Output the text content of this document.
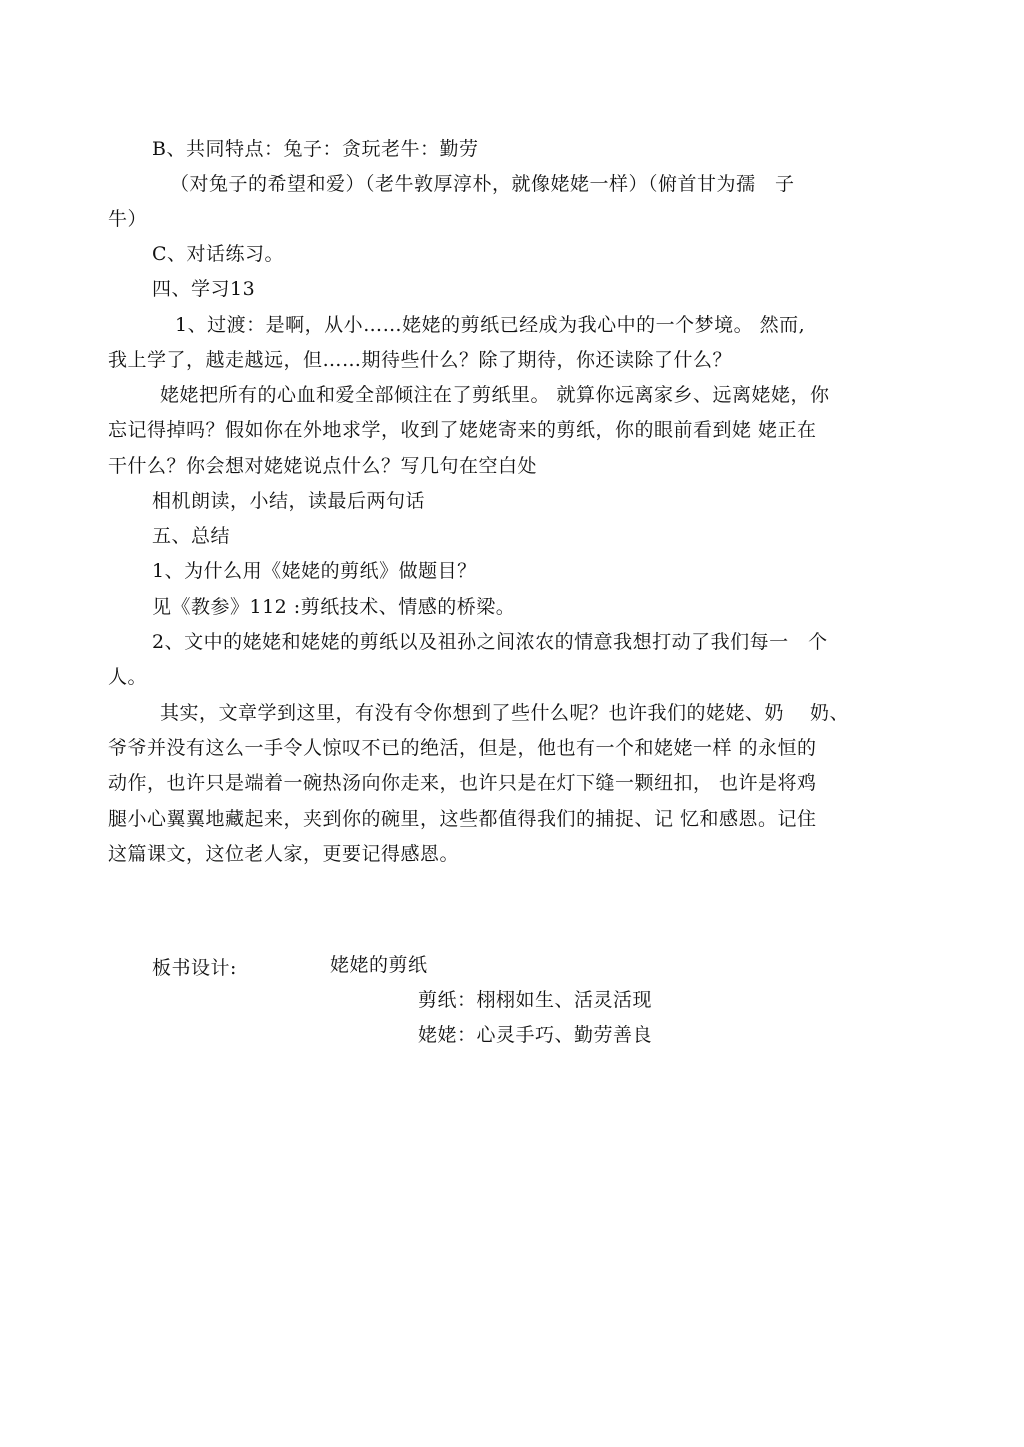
B、共同特点：兔子：贪玩老牛：勤劳
（对兔子的希望和爱）（老牛敦厚淳朴，就像姥姥一样）（俯首甘为孺　子
牛）
C、对话练习。
四、学习13
1、过渡：是啊，从小……姥姥的剪纸已经成为我心中的一个梦境。 然而,
我上学了，越走越远，但……期待些什么？除了期待，你还读除了什么？
姥姥把所有的心血和爱全部倾注在了剪纸里。 就算你远离家乡、远离姥姥，你
忘记得掉吗？假如你在外地求学，收到了姥姥寄来的剪纸，你的眼前看到姥 姥正在
干什么？你会想对姥姥说点什么？写几句在空白处
相机朗读，小结，读最后两句话
五、总结
1、为什么用《姥姥的剪纸》做题目？
见《教参》112 :剪纸技术、情感的桥梁。
2、文中的姥姥和姥姥的剪纸以及祖孙之间浓农的情意我想打动了我们每一　个
人。
其实，文章学到这里，有没有令你想到了些什么呢？也许我们的姥姥、奶　 奶、
爷爷并没有这么一手令人惊叹不已的绝活，但是，他也有一个和姥姥一样 的永恒的
动作，也许只是端着一碗热汤向你走来，也许只是在灯下缝一颗纽扣， 也许是将鸡
腿小心翼翼地藏起来，夹到你的碗里，这些都值得我们的捕捉、记 忆和感恩。记住
这篇课文，这位老人家，更要记得感恩。
板书设计:	姥姥的剪纸
剪纸：栩栩如生、活灵活现
姥姥：心灵手巧、勤劳善良
